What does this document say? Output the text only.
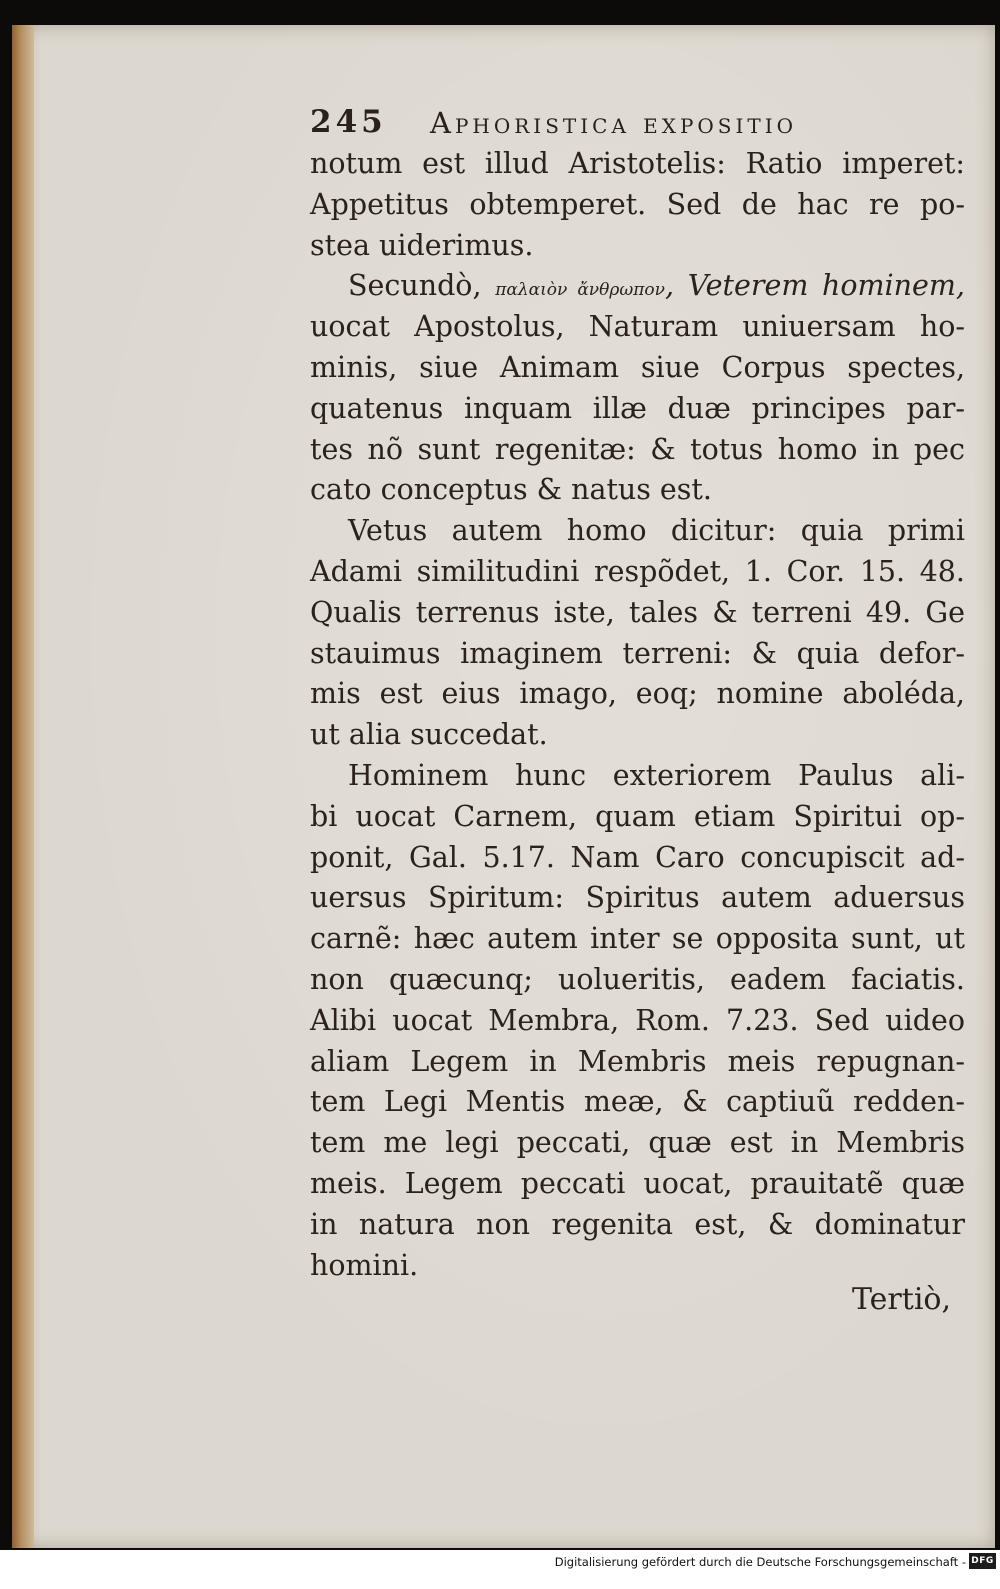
245 Aphoristica expositio
notum est illud Aristotelis: Ratio imperet:
Appetitus obtemperet. Sed de hac re po-
stea uiderimus.
Secundò, παλαιὸν ἄνθρωπον, Veterem hominem,
uocat Apostolus, Naturam uniuersam ho-
minis, siue Animam siue Corpus spectes,
quatenus inquam illæ duæ principes par-
tes nõ sunt regenitæ: & totus homo in pec
cato conceptus & natus est.
Vetus autem homo dicitur: quia primi
Adami similitudini respõdet, 1. Cor. 15. 48.
Qualis terrenus iste, tales & terreni 49. Ge
stauimus imaginem terreni: & quia defor-
mis est eius imago, eoq; nomine aboléda,
ut alia succedat.
Hominem hunc exteriorem Paulus ali-
bi uocat Carnem, quam etiam Spiritui op-
ponit, Gal. 5.17. Nam Caro concupiscit ad-
uersus Spiritum: Spiritus autem aduersus
carnẽ: hæc autem inter se opposita sunt, ut
non quæcunq; uolueritis, eadem faciatis.
Alibi uocat Membra, Rom. 7.23. Sed uideo
aliam Legem in Membris meis repugnan-
tem Legi Mentis meæ, & captiuũ redden-
tem me legi peccati, quæ est in Membris
meis. Legem peccati uocat, prauitatẽ quæ
in natura non regenita est, & dominatur
homini.
Tertiò,
Digitalisierung gefördert durch die Deutsche Forschungsgemeinschaft - DFG
